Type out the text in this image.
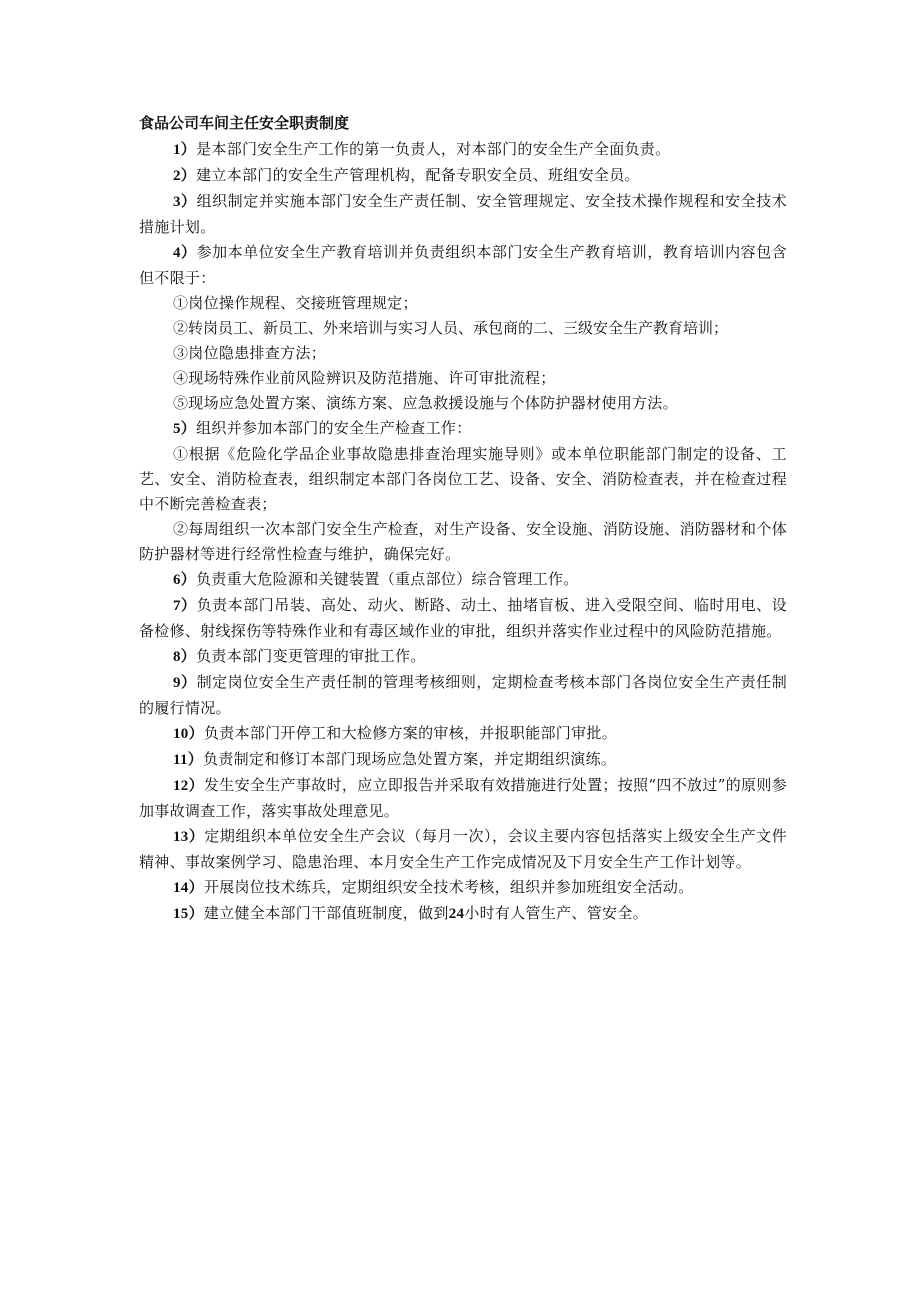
食品公司车间主任安全职责制度

1）是本部门安全生产工作的第一负责人，对本部门的安全生产全面负责。

2）建立本部门的安全生产管理机构，配备专职安全员、班组安全员。

3）组织制定并实施本部门安全生产责任制、安全管理规定、安全技术操作规程和安全技术措施计划。

4）参加本单位安全生产教育培训并负责组织本部门安全生产教育培训，教育培训内容包含但不限于：

①岗位操作规程、交接班管理规定；

②转岗员工、新员工、外来培训与实习人员、承包商的二、三级安全生产教育培训；

③岗位隐患排查方法；

④现场特殊作业前风险辨识及防范措施、许可审批流程；

⑤现场应急处置方案、演练方案、应急救援设施与个体防护器材使用方法。

5）组织并参加本部门的安全生产检查工作：

①根据《危险化学品企业事故隐患排查治理实施导则》或本单位职能部门制定的设备、工艺、安全、消防检查表，组织制定本部门各岗位工艺、设备、安全、消防检查表，并在检查过程中不断完善检查表；

②每周组织一次本部门安全生产检查，对生产设备、安全设施、消防设施、消防器材和个体防护器材等进行经常性检查与维护，确保完好。

6）负责重大危险源和关键装置（重点部位）综合管理工作。

7）负责本部门吊装、高处、动火、断路、动土、抽堵盲板、进入受限空间、临时用电、设备检修、射线探伤等特殊作业和有毒区域作业的审批，组织并落实作业过程中的风险防范措施。

8）负责本部门变更管理的审批工作。

9）制定岗位安全生产责任制的管理考核细则，定期检查考核本部门各岗位安全生产责任制的履行情况。

10）负责本部门开停工和大检修方案的审核，并报职能部门审批。

11）负责制定和修订本部门现场应急处置方案，并定期组织演练。

12）发生安全生产事故时，应立即报告并采取有效措施进行处置；按照“四不放过”的原则参加事故调查工作，落实事故处理意见。

13）定期组织本单位安全生产会议（每月一次），会议主要内容包括落实上级安全生产文件精神、事故案例学习、隐患治理、本月安全生产工作完成情况及下月安全生产工作计划等。

14）开展岗位技术练兵，定期组织安全技术考核，组织并参加班组安全活动。

15）建立健全本部门干部值班制度，做到24小时有人管生产、管安全。
